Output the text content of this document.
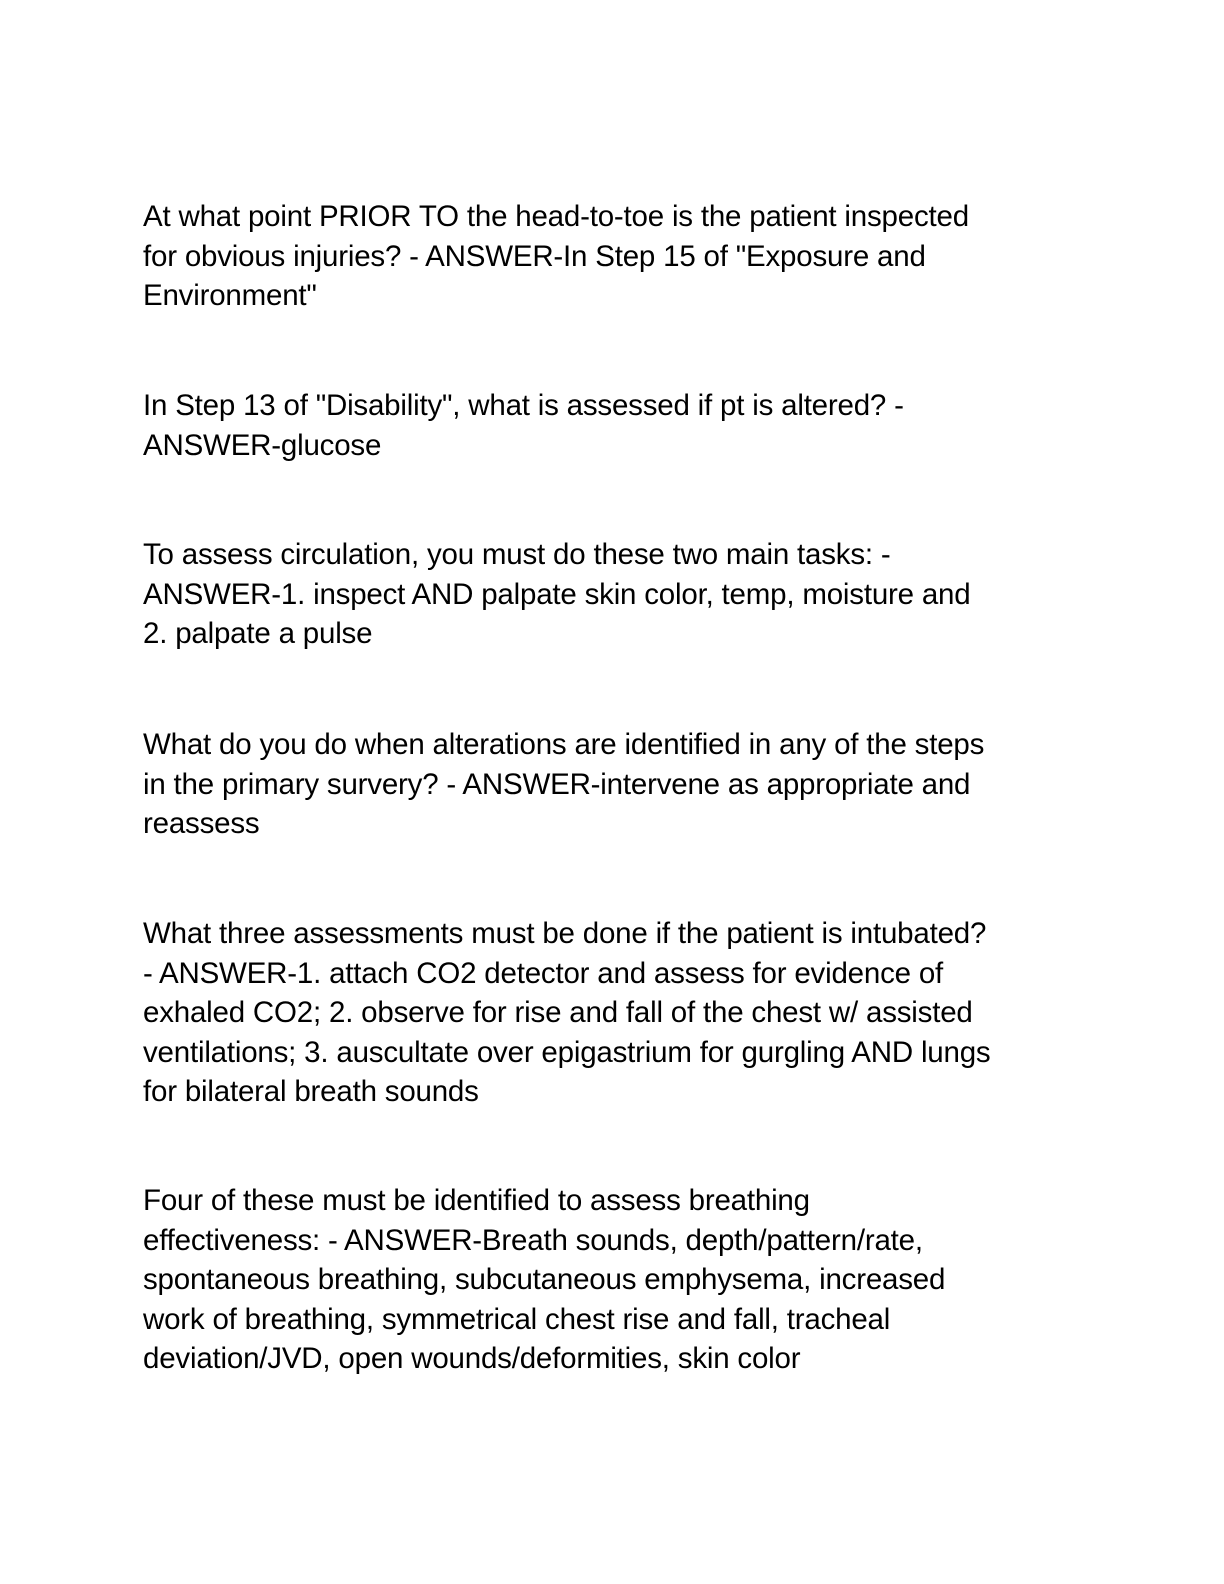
At what point PRIOR TO the head-to-toe is the patient inspected
for obvious injuries? - ANSWER-In Step 15 of "Exposure and
Environment"

In Step 13 of "Disability", what is assessed if pt is altered? -
ANSWER-glucose

To assess circulation, you must do these two main tasks: -
ANSWER-1. inspect AND palpate skin color, temp, moisture and
2. palpate a pulse

What do you do when alterations are identified in any of the steps
in the primary survery? - ANSWER-intervene as appropriate and
reassess

What three assessments must be done if the patient is intubated?
- ANSWER-1. attach CO2 detector and assess for evidence of
exhaled CO2; 2. observe for rise and fall of the chest w/ assisted
ventilations; 3. auscultate over epigastrium for gurgling AND lungs
for bilateral breath sounds

Four of these must be identified to assess breathing
effectiveness: - ANSWER-Breath sounds, depth/pattern/rate,
spontaneous breathing, subcutaneous emphysema, increased
work of breathing, symmetrical chest rise and fall, tracheal
deviation/JVD, open wounds/deformities, skin color
